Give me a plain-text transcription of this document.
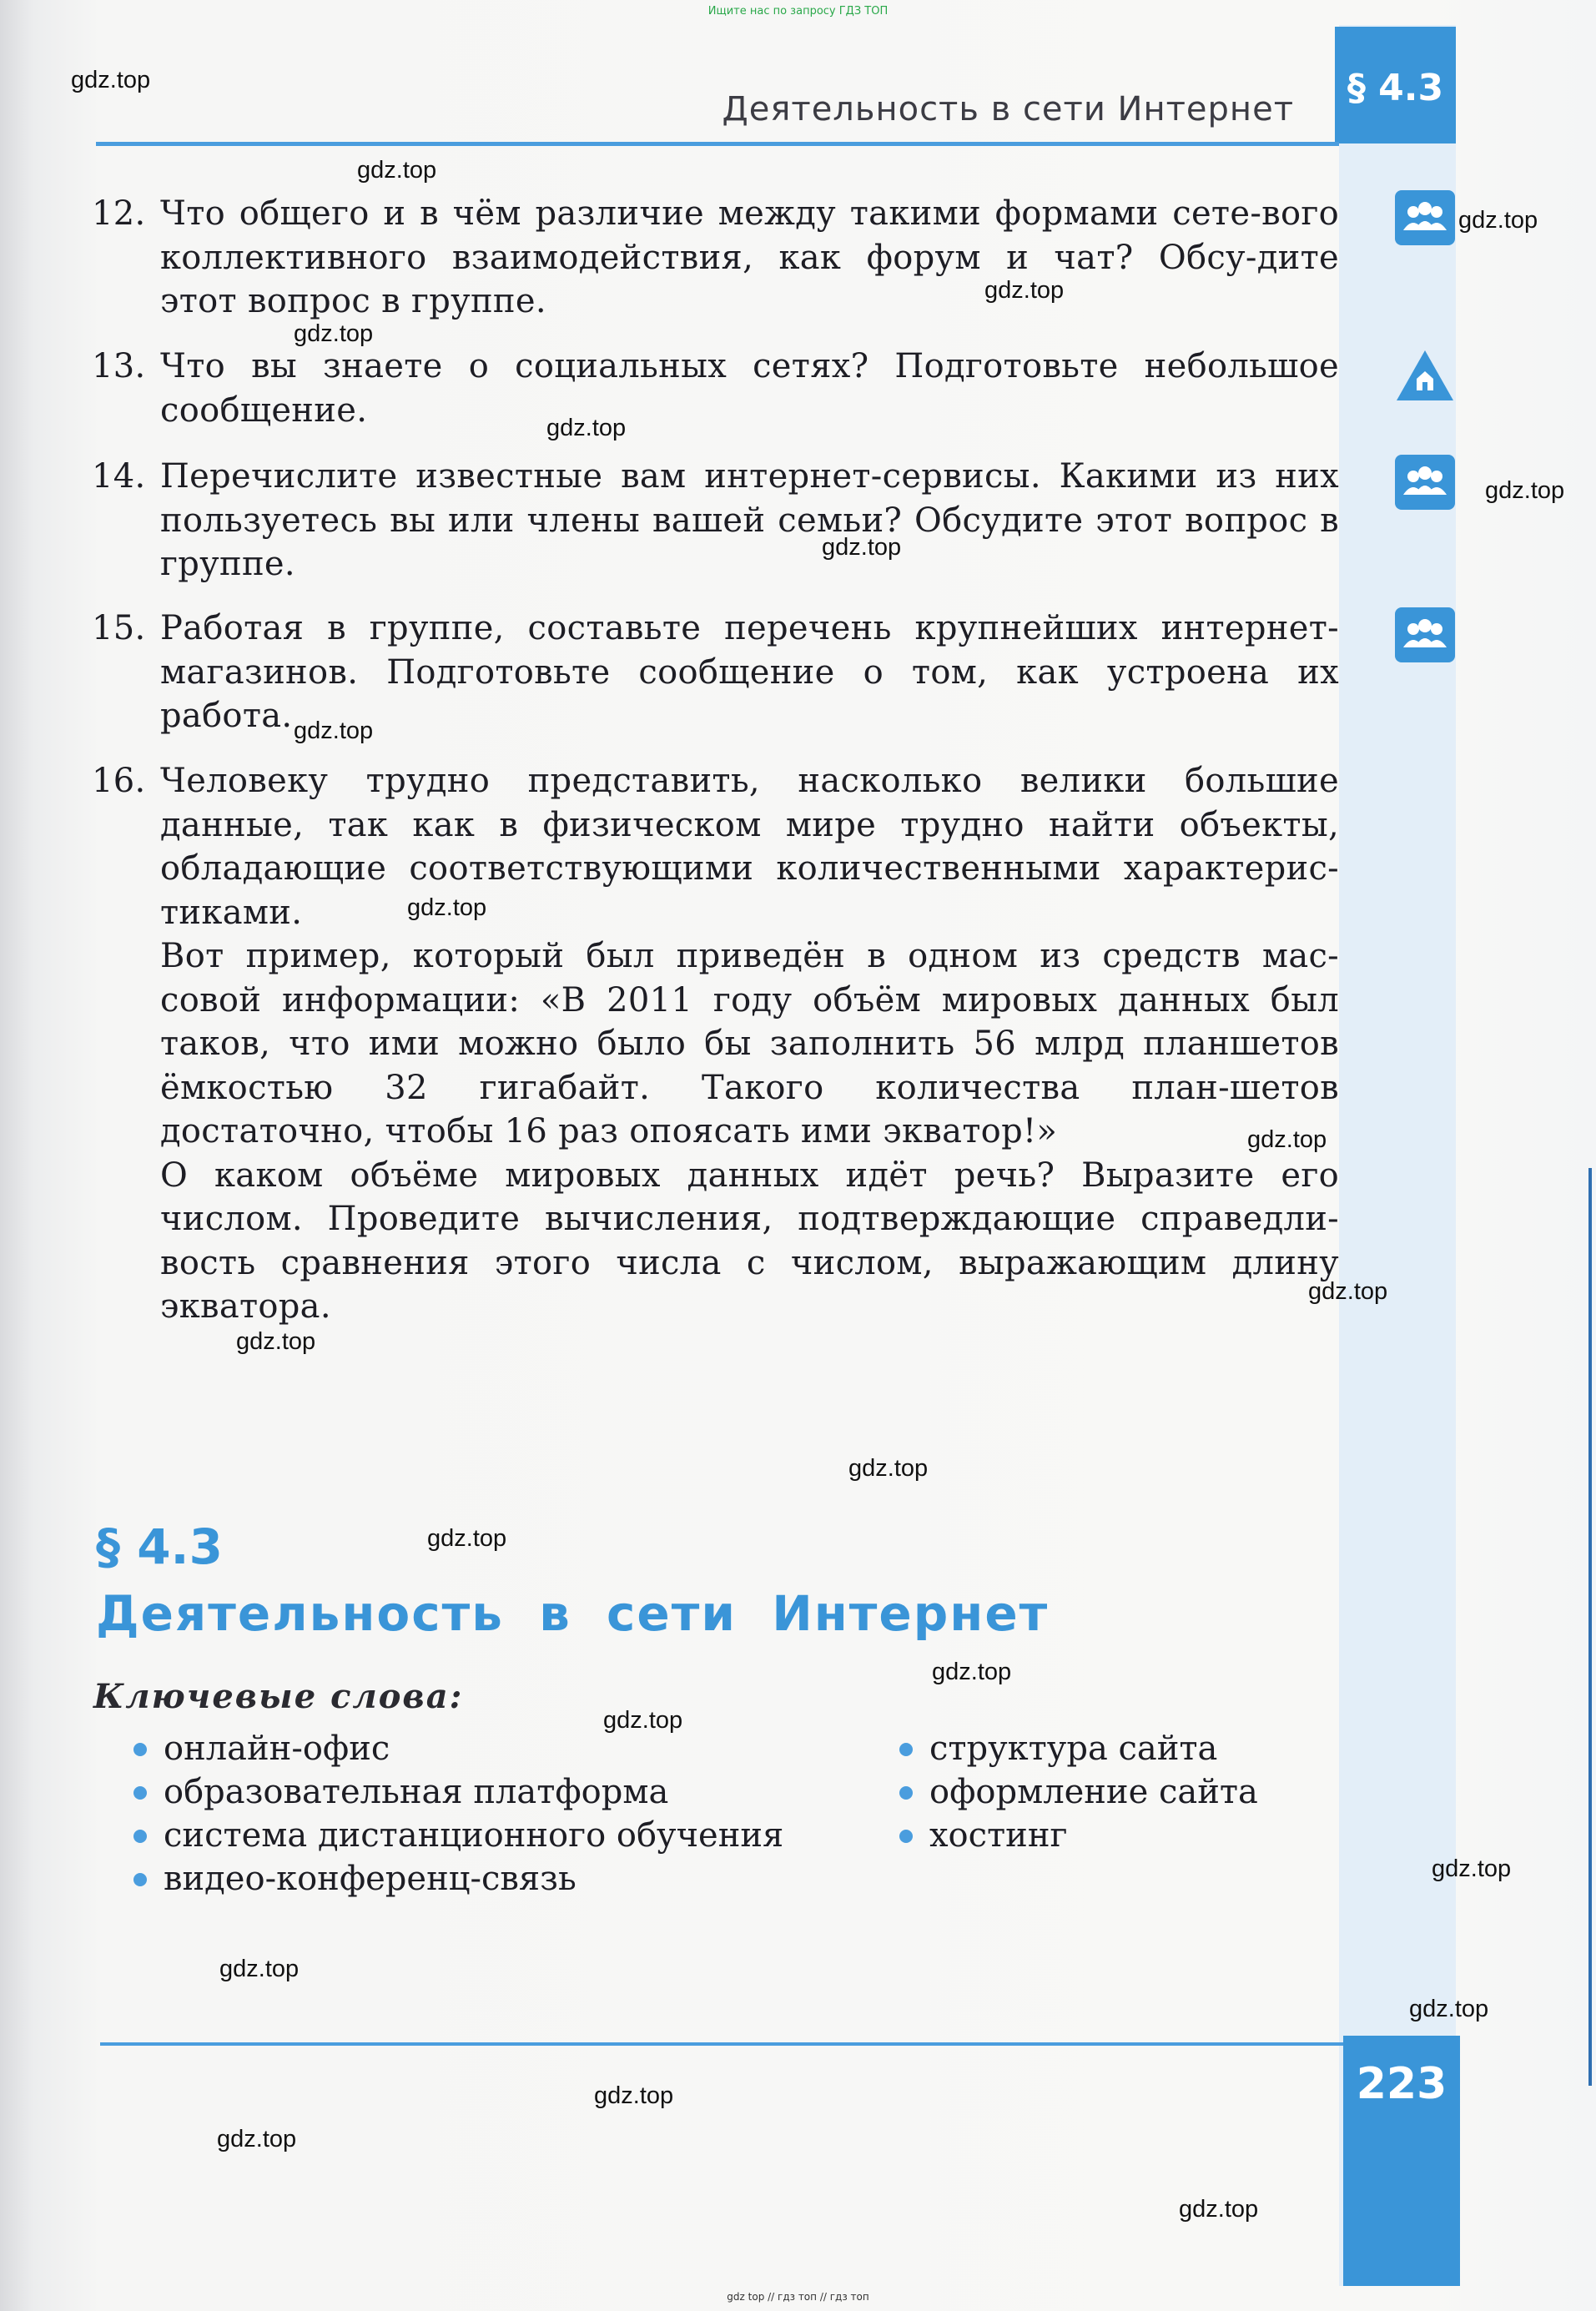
Ищите нас по запросу ГДЗ ТОП
§ 4.3
Деятельность в сети Интернет
12. Что общего и в чём различие между такими формами сете-вого коллективного взаимодействия, как форум и чат? Обсу-дите этот вопрос в группе.

13. Что вы знаете о социальных сетях? Подготовьте небольшое сообщение.

14. Перечислите известные вам интернет-сервисы. Какими из них пользуетесь вы или члены вашей семьи? Обсудите этот вопрос в группе.

15. Работая в группе, составьте перечень крупнейших интернет-магазинов. Подготовьте сообщение о том, как устроена их работа.

16. Человеку трудно представить, насколько велики большие данные, так как в физическом мире трудно найти объекты, обладающие соответствующими количественными характерис-тиками.

Вот пример, который был приведён в одном из средств мас-совой информации: «В 2011 году объём мировых данных был таков, что ими можно было бы заполнить 56 млрд планшетов ёмкостью 32 гигабайт. Такого количества план-шетов достаточно, чтобы 16 раз опоясать ими экватор!»

О каком объёме мировых данных идёт речь? Выразите его числом. Проведите вычисления, подтверждающие справедли-вость сравнения этого числа с числом, выражающим длину экватора.

§ 4.3
Деятельность в сети Интернет
Ключевые слова:
онлайн-офис
образовательная платформа
система дистанционного обучения
видео-конференц-связь
структура сайта
оформление сайта
хостинг
223
gdz.top
gdz.top
gdz.top
gdz.top
gdz.top
gdz.top
gdz.top
gdz.top
gdz.top
gdz.top
gdz.top
gdz.top
gdz.top
gdz.top
gdz.top
gdz.top
gdz.top
gdz.top
gdz.top
gdz.top
gdz.top
gdz.top
gdz.top
gdz top // гдз топ // гдз топ
